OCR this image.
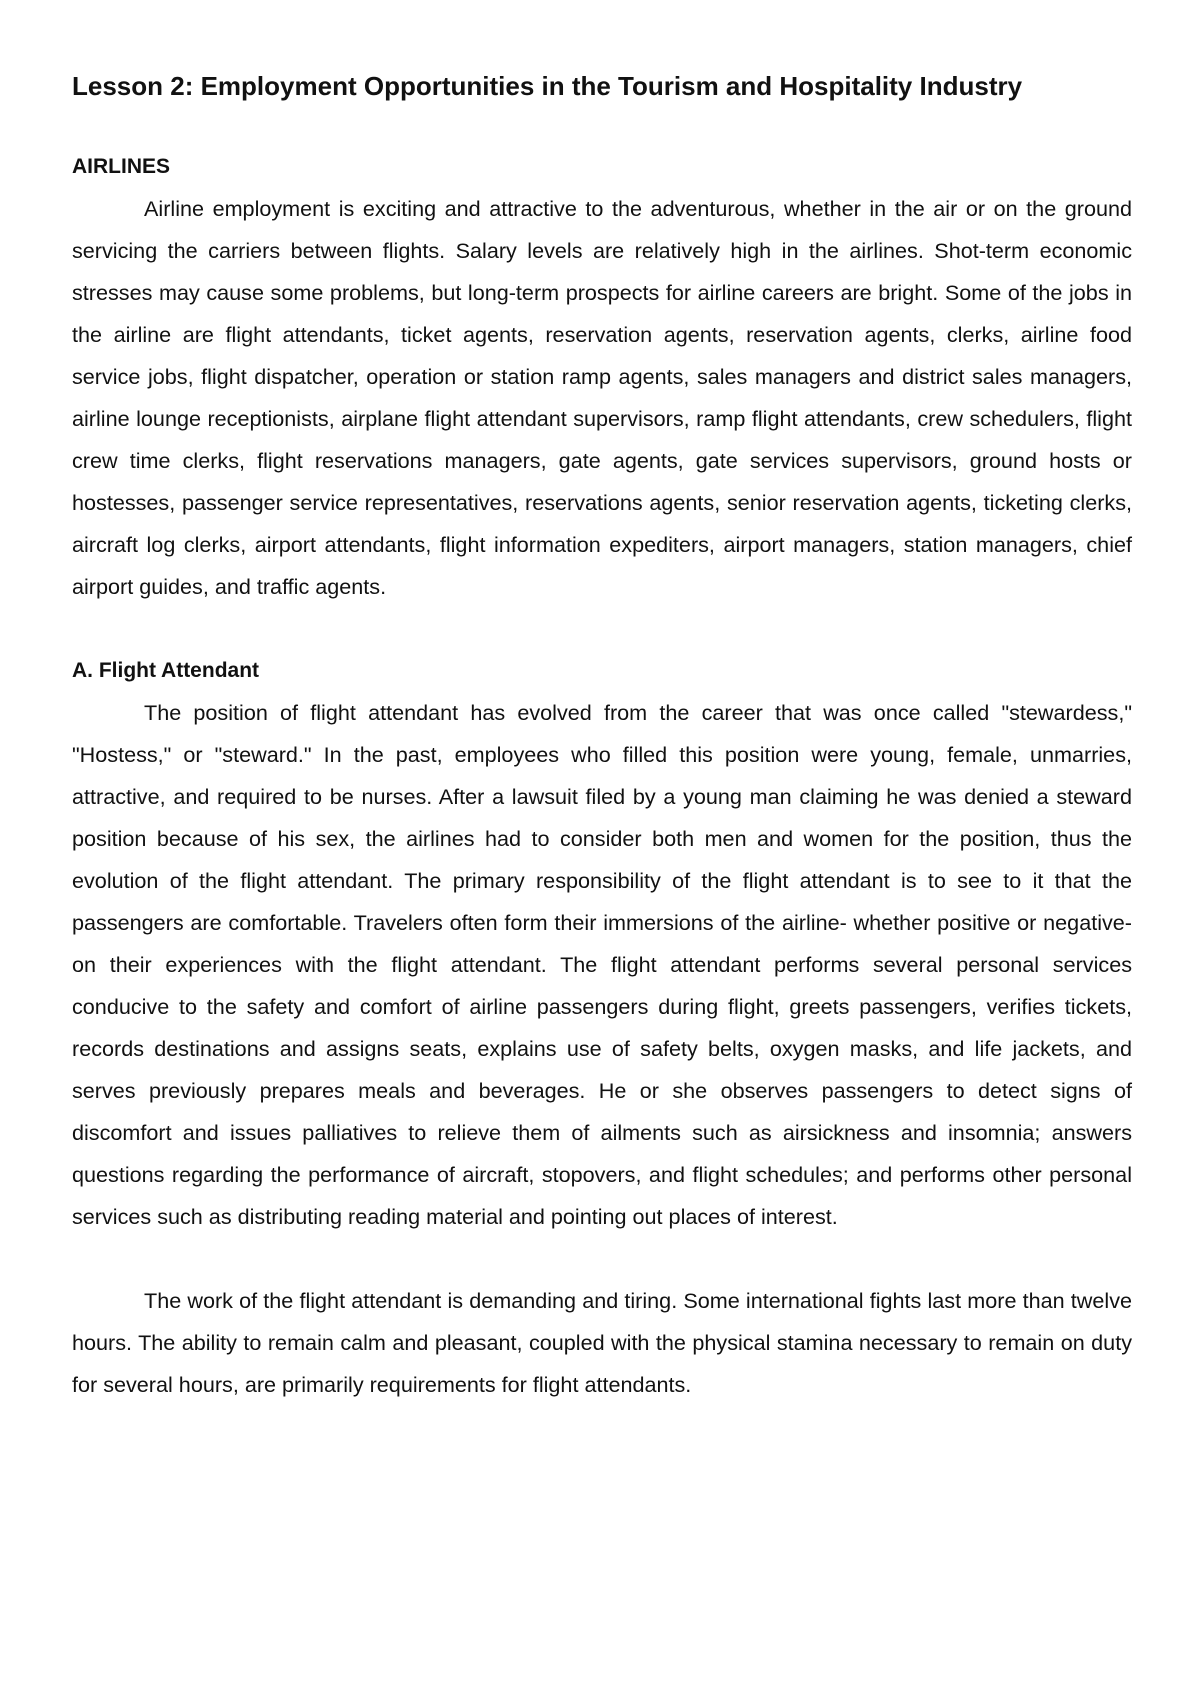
Lesson 2: Employment Opportunities in the Tourism and Hospitality Industry
AIRLINES

Airline employment is exciting and attractive to the adventurous, whether in the air or on the ground servicing the carriers between flights. Salary levels are relatively high in the airlines. Shot-term economic stresses may cause some problems, but long-term prospects for airline careers are bright. Some of the jobs in the airline are flight attendants, ticket agents, reservation agents, reservation agents, clerks, airline food service jobs, flight dispatcher, operation or station ramp agents, sales managers and district sales managers, airline lounge receptionists, airplane flight attendant supervisors, ramp flight attendants, crew schedulers, flight crew time clerks, flight reservations managers, gate agents, gate services supervisors, ground hosts or hostesses, passenger service representatives, reservations agents, senior reservation agents, ticketing clerks, aircraft log clerks, airport attendants, flight information expediters, airport managers, station managers, chief airport guides, and traffic agents.

A. Flight Attendant

The position of flight attendant has evolved from the career that was once called "stewardess," "Hostess," or "steward." In the past, employees who filled this position were young, female, unmarries, attractive, and required to be nurses. After a lawsuit filed by a young man claiming he was denied a steward position because of his sex, the airlines had to consider both men and women for the position, thus the evolution of the flight attendant. The primary responsibility of the flight attendant is to see to it that the passengers are comfortable. Travelers often form their immersions of the airline- whether positive or negative- on their experiences with the flight attendant. The flight attendant performs several personal services conducive to the safety and comfort of airline passengers during flight, greets passengers, verifies tickets, records destinations and assigns seats, explains use of safety belts, oxygen masks, and life jackets, and serves previously prepares meals and beverages. He or she observes passengers to detect signs of discomfort and issues palliatives to relieve them of ailments such as airsickness and insomnia; answers questions regarding the performance of aircraft, stopovers, and flight schedules; and performs other personal services such as distributing reading material and pointing out places of interest.

The work of the flight attendant is demanding and tiring. Some international fights last more than twelve hours. The ability to remain calm and pleasant, coupled with the physical stamina necessary to remain on duty for several hours, are primarily requirements for flight attendants.
